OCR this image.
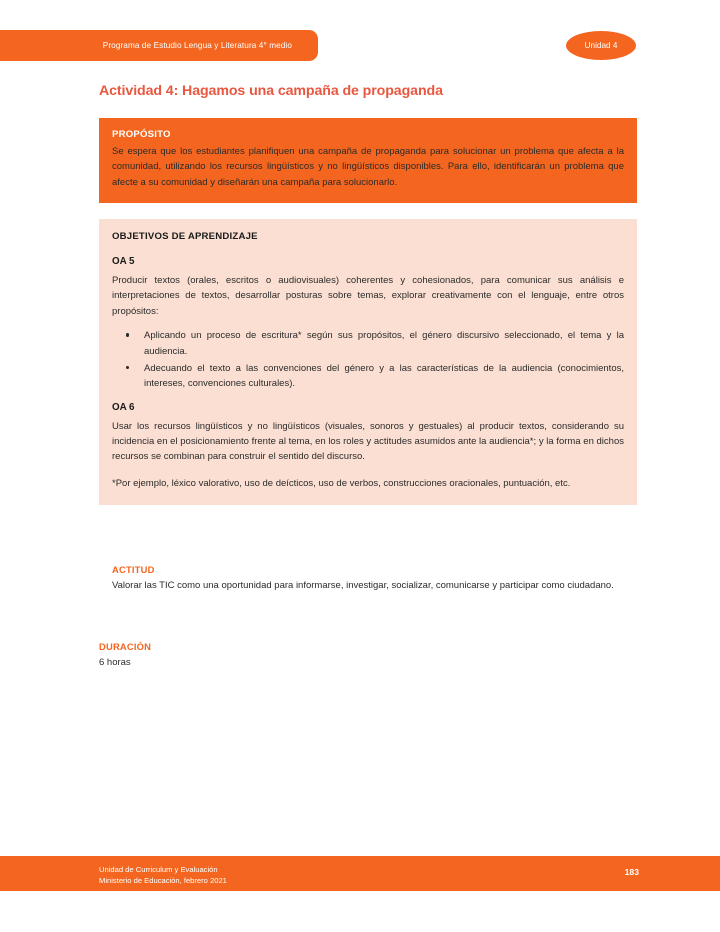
Programa de Estudio Lengua y Literatura 4° medio	Unidad 4
Actividad 4: Hagamos una campaña de propaganda
PROPÓSITO
Se espera que los estudiantes planifiquen una campaña de propaganda para solucionar un problema que afecta a la comunidad, utilizando los recursos lingüísticos y no lingüísticos disponibles. Para ello, identificarán un problema que afecte a su comunidad y diseñarán una campaña para solucionarlo.
OBJETIVOS DE APRENDIZAJE
OA 5
Producir textos (orales, escritos o audiovisuales) coherentes y cohesionados, para comunicar sus análisis e interpretaciones de textos, desarrollar posturas sobre temas, explorar creativamente con el lenguaje, entre otros propósitos:
Aplicando un proceso de escritura* según sus propósitos, el género discursivo seleccionado, el tema y la audiencia.
Adecuando el texto a las convenciones del género y a las características de la audiencia (conocimientos, intereses, convenciones culturales).
OA 6
Usar los recursos lingüísticos y no lingüísticos (visuales, sonoros y gestuales) al producir textos, considerando su incidencia en el posicionamiento frente al tema, en los roles y actitudes asumidos ante la audiencia*; y la forma en dichos recursos se combinan para construir el sentido del discurso.
*Por ejemplo, léxico valorativo, uso de deícticos, uso de verbos, construcciones oracionales, puntuación, etc.
ACTITUD
Valorar las TIC como una oportunidad para informarse, investigar, socializar, comunicarse y participar como ciudadano.
DURACIÓN
6 horas
Unidad de Curriculum y Evaluación
Ministerio de Educación, febrero 2021
183
